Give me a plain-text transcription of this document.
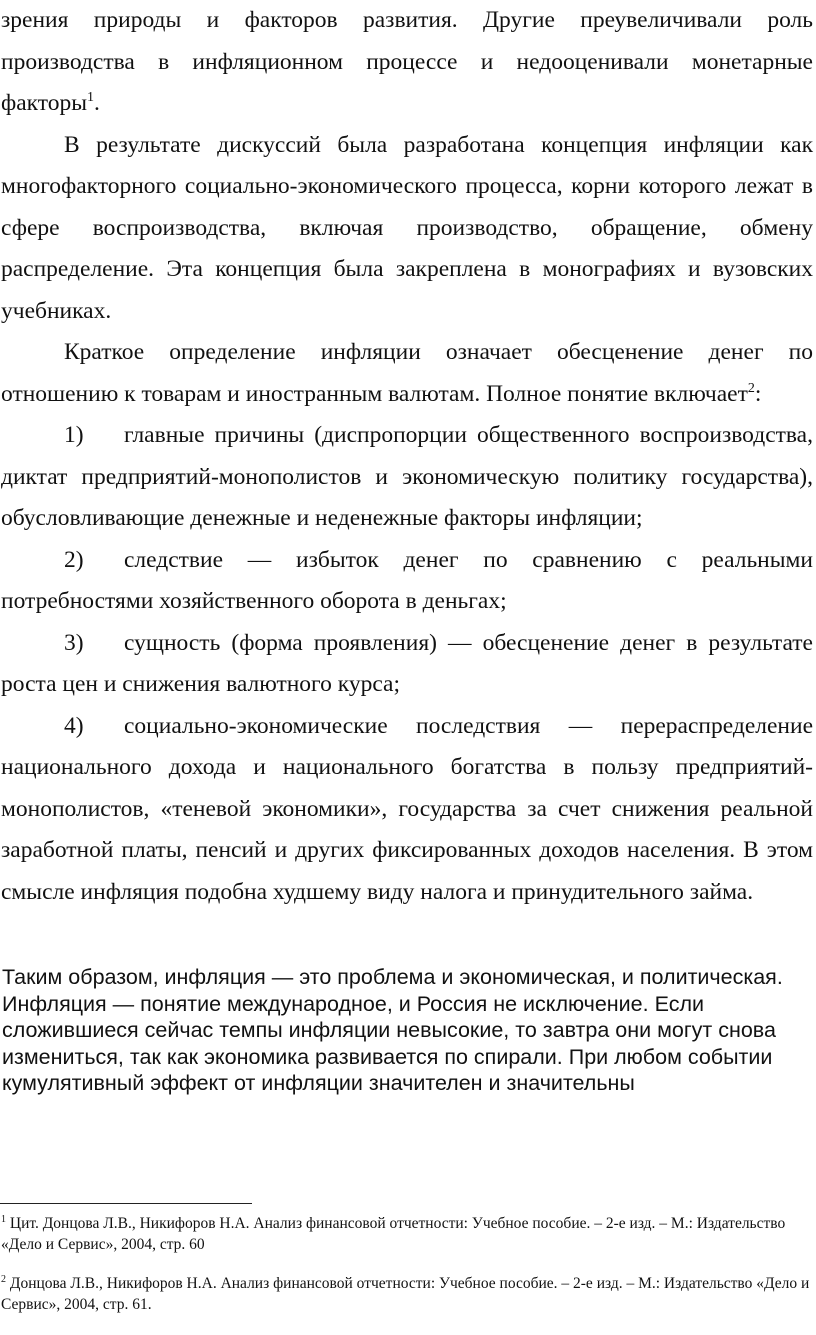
зрения природы и факторов развития. Другие преувеличивали роль производства в инфляционном процессе и недооценивали монетарные факторы$^1$.

В результате дискуссий была разработана концепция инфляции как многофакторного социально-экономического процесса, корни которого лежат в сфере воспроизводства, включая производство, обращение, обмену распределение. Эта концепция была закреплена в монографиях и вузовских учебниках.

Краткое определение инфляции означает обесценение денег по отношению к товарам и иностранным валютам. Полное понятие включает$^2$:

1) главные причины (диспропорции общественного воспроизводства, диктат предприятий-монополистов и экономическую политику государства), обусловливающие денежные и неденежные факторы инфляции;

2) следствие — избыток денег по сравнению с реальными потребностями хозяйственного оборота в деньгах;

3) сущность (форма проявления) — обесценение денег в результате роста цен и снижения валютного курса;

4) социально-экономические последствия — перераспределение национального дохода и национального богатства в пользу предприятий-монополистов, «теневой экономики», государства за счет снижения реальной заработной платы, пенсий и других фиксированных доходов населения. В этом смысле инфляция подобна худшему виду налога и принудительного займа.

Таким образом, инфляция — это проблема и экономическая, и политическая. Инфляция — понятие международное, и Россия не исключение. Если сложившиеся сейчас темпы инфляции невысокие, то завтра они могут снова измениться, так как экономика развивается по спирали. При любом событии кумулятивный эффект от инфляции значителен и значительны

$^1$ Цит. Донцова Л.В., Никифоров Н.А. Анализ финансовой отчетности: Учебное пособие. – 2-е изд. – М.: Издательство «Дело и Сервис», 2004, стр. 60

$^2$ Донцова Л.В., Никифоров Н.А. Анализ финансовой отчетности: Учебное пособие. – 2-е изд. – М.: Издательство «Дело и Сервис», 2004, стр. 61.
